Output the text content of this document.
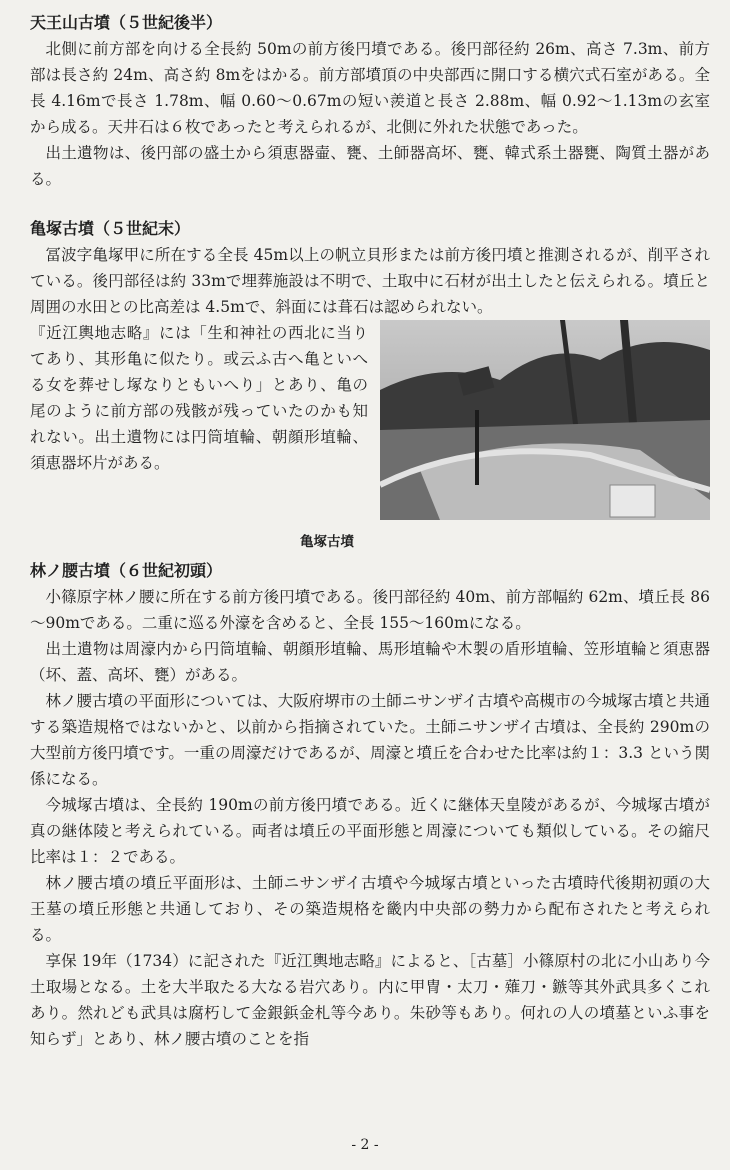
天王山古墳（５世紀後半）

北側に前方部を向ける全長約 50mの前方後円墳である。後円部径約 26m、高さ 7.3m、前方部は長さ約 24m、高さ約 8mをはかる。前方部墳頂の中央部西に開口する横穴式石室がある。全長 4.16mで長さ 1.78m、幅 0.60～0.67mの短い羨道と長さ 2.88m、幅 0.92～1.13mの玄室から成る。天井石は６枚であったと考えられるが、北側に外れた状態であった。

出土遺物は、後円部の盛土から須恵器壷、甕、土師器高坏、甕、韓式系土器甕、陶質土器がある。

亀塚古墳（５世紀末）

冨波字亀塚甲に所在する全長 45m以上の帆立貝形または前方後円墳と推測されるが、削平されている。後円部径は約 33mで埋葬施設は不明で、土取中に石材が出土したと伝えられる。墳丘と周囲の水田との比高差は 4.5mで、斜面には葺石は認められない。

『近江輿地志略』には「生和神社の西北に当りてあり、其形亀に似たり。或云ふ古へ亀といへる女を葬せし塚なりともいへり」とあり、亀の尾のように前方部の残骸が残っていたのかも知れない。出土遺物には円筒埴輪、朝顔形埴輪、須恵器坏片がある。

亀塚古墳
林ノ腰古墳（６世紀初頭）

小篠原字林ノ腰に所在する前方後円墳である。後円部径約 40m、前方部幅約 62m、墳丘長 86～90mである。二重に巡る外濠を含めると、全長 155～160mになる。

出土遺物は周濠内から円筒埴輪、朝顔形埴輪、馬形埴輪や木製の盾形埴輪、笠形埴輪と須恵器（坏、蓋、高坏、甕）がある。

林ノ腰古墳の平面形については、大阪府堺市の土師ニサンザイ古墳や高槻市の今城塚古墳と共通する築造規格ではないかと、以前から指摘されていた。土師ニサンザイ古墳は、全長約 290mの大型前方後円墳です。一重の周濠だけであるが、周濠と墳丘を合わせた比率は約１：3.3 という関係になる。

今城塚古墳は、全長約 190mの前方後円墳である。近くに継体天皇陵があるが、今城塚古墳が真の継体陵と考えられている。両者は墳丘の平面形態と周濠についても類似している。その縮尺比率は１：２である。

林ノ腰古墳の墳丘平面形は、土師ニサンザイ古墳や今城塚古墳といった古墳時代後期初頭の大王墓の墳丘形態と共通しており、その築造規格を畿内中央部の勢力から配布されたと考えられる。

享保 19年（1734）に記された『近江輿地志略』によると、［古墓］小篠原村の北に小山あり今土取場となる。土を大半取たる大なる岩穴あり。内に甲冑・太刀・薙刀・鏃等其外武具多くこれあり。然れども武具は腐朽して金銀鋲金札等今あり。朱砂等もあり。何れの人の墳墓といふ事を知らず」とあり、林ノ腰古墳のことを指

- 2 -
